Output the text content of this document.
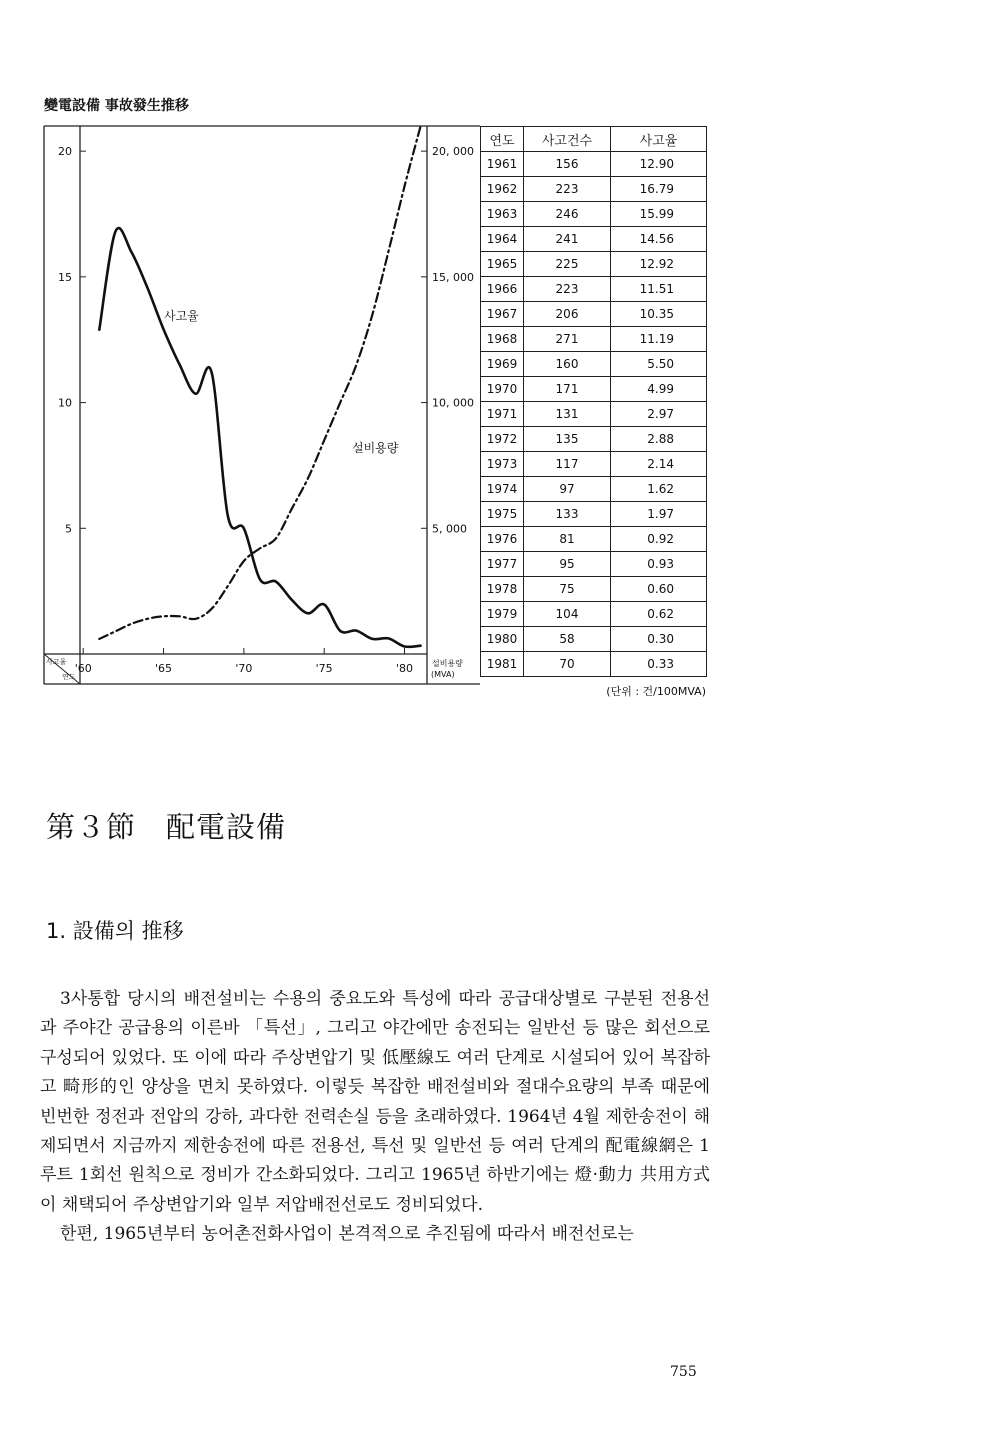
變電設備 事故發生推移
사고율
연도
설비용량
(MVA)
20
15
10
5
20, 000
15, 000
10, 000
5, 000
'60	'65	'70	'75	'80
사고율
설비용량
연도	사고건수	사고율
1961	156	12.90
1962	223	16.79
1963	246	15.99
1964	241	14.56
1965	225	12.92
1966	223	11.51
1967	206	10.35
1968	271	11.19
1969	160	5.50
1970	171	4.99
1971	131	2.97
1972	135	2.88
1973	117	2.14
1974	97	1.62
1975	133	1.97
1976	81	0.92
1977	95	0.93
1978	75	0.60
1979	104	0.62
1980	58	0.30
1981	70	0.33
(단위 : 건/100MVA)
第３節　配電設備
1. 設備의 推移

3사통합 당시의 배전설비는 수용의 중요도와 특성에 따라 공급대상별로 구분된 전용선과 주야간 공급용의 이른바 「특선」, 그리고 야간에만 송전되는 일반선 등 많은 회선으로 구성되어 있었다. 또 이에 따라 주상변압기 및 低壓線도 여러 단계로 시설되어 있어 복잡하고 畸形的인 양상을 면치 못하였다. 이렇듯 복잡한 배전설비와 절대수요량의 부족 때문에 빈번한 정전과 전압의 강하, 과다한 전력손실 등을 초래하였다. 1964년 4월 제한송전이 해제되면서 지금까지 제한송전에 따른 전용선, 특선 및 일반선 등 여러 단계의 配電線網은 1루트 1회선 원칙으로 정비가 간소화되었다. 그리고 1965년 하반기에는 燈·動力 共用方式이 채택되어 주상변압기와 일부 저압배전선로도 정비되었다.

한편, 1965년부터 농어촌전화사업이 본격적으로 추진됨에 따라서 배전선로는

755
